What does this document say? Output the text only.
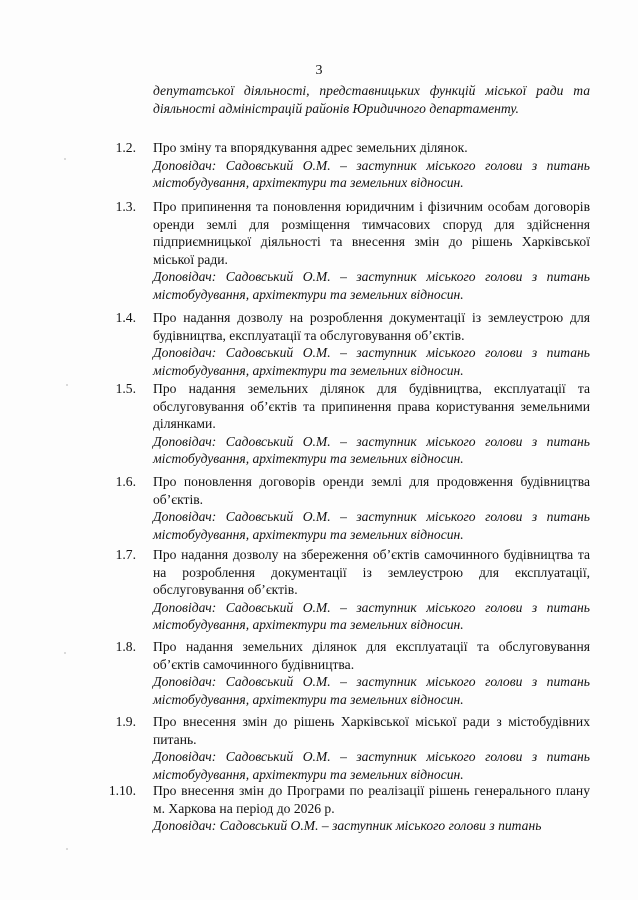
3
депутатської діяльності, представницьких функцій міської ради та діяльності адміністрацій районів Юридичного департаменту.
1.2. Про зміну та впорядкування адрес земельних ділянок.
Доповідач: Садовський О.М. – заступник міського голови з питань містобудування, архітектури та земельних відносин.
1.3. Про припинення та поновлення юридичним і фізичним особам договорів оренди землі для розміщення тимчасових споруд для здійснення підприємницької діяльності та внесення змін до рішень Харківської міської ради.
Доповідач: Садовський О.М. – заступник міського голови з питань містобудування, архітектури та земельних відносин.
1.4. Про надання дозволу на розроблення документації із землеустрою для будівництва, експлуатації та обслуговування об’єктів.
Доповідач: Садовський О.М. – заступник міського голови з питань містобудування, архітектури та земельних відносин.
1.5. Про надання земельних ділянок для будівництва, експлуатації та обслуговування об’єктів та припинення права користування земельними ділянками.
Доповідач: Садовський О.М. – заступник міського голови з питань містобудування, архітектури та земельних відносин.
1.6. Про поновлення договорів оренди землі для продовження будівництва об’єктів.
Доповідач: Садовський О.М. – заступник міського голови з питань містобудування, архітектури та земельних відносин.
1.7. Про надання дозволу на збереження об’єктів самочинного будівництва та на розроблення документації із землеустрою для експлуатації, обслуговування об’єктів.
Доповідач: Садовський О.М. – заступник міського голови з питань містобудування, архітектури та земельних відносин.
1.8. Про надання земельних ділянок для експлуатації та обслуговування об’єктів самочинного будівництва.
Доповідач: Садовський О.М. – заступник міського голови з питань містобудування, архітектури та земельних відносин.
1.9. Про внесення змін до рішень Харківської міської ради з містобудівних питань.
Доповідач: Садовський О.М. – заступник міського голови з питань містобудування, архітектури та земельних відносин.
1.10. Про внесення змін до Програми по реалізації рішень генерального плану м. Харкова на період до 2026 р.
Доповідач: Садовський О.М. – заступник міського голови з питань
